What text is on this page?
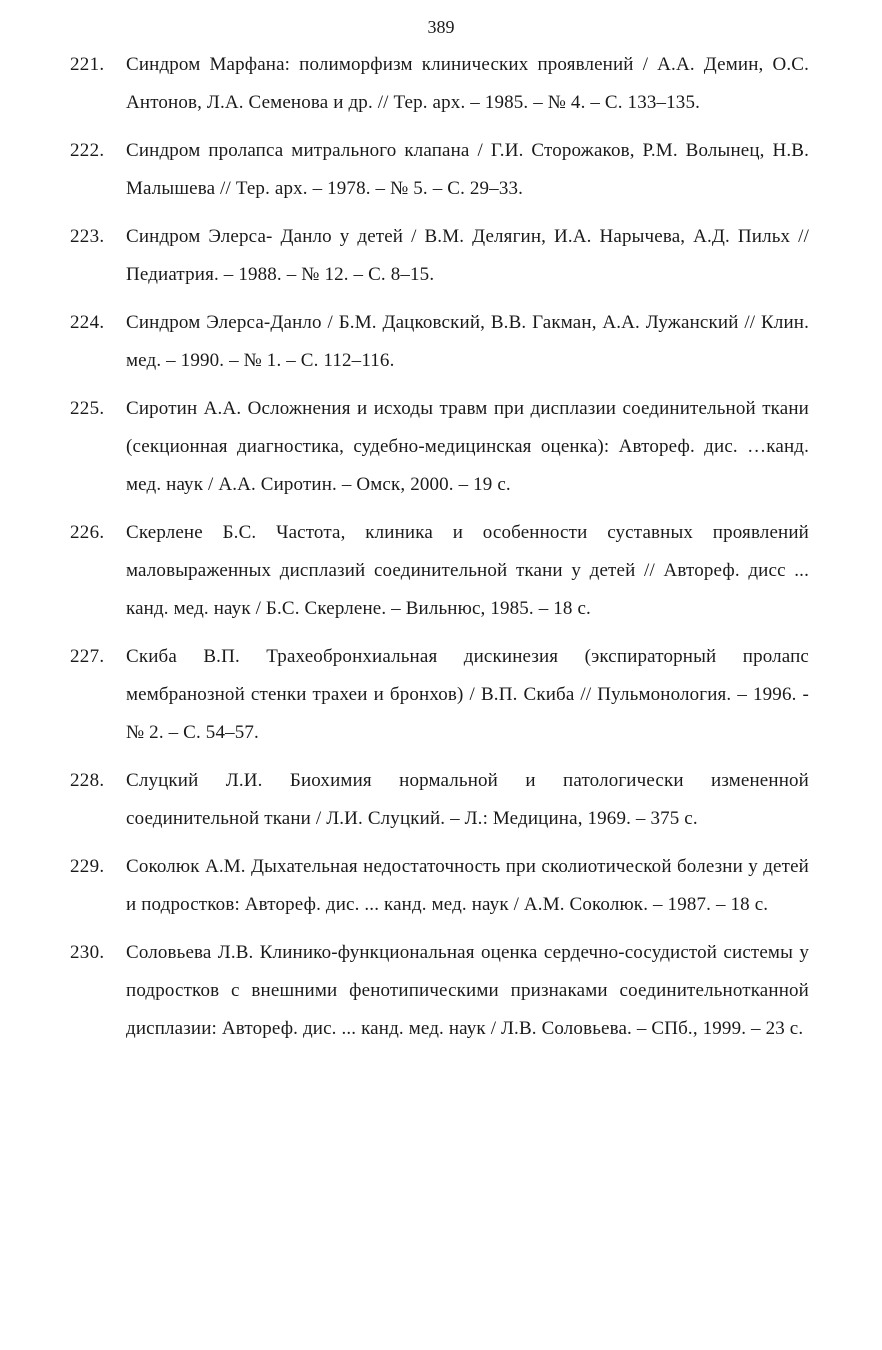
389
221. Синдром Марфана: полиморфизм клинических проявлений / А.А. Демин, О.С. Антонов, Л.А. Семенова и др. // Тер. арх. – 1985. – № 4. – С. 133–135.
222. Синдром пролапса митрального клапана / Г.И. Сторожаков, Р.М. Волынец, Н.В. Малышева // Тер. арх. – 1978. – № 5. – С. 29–33.
223. Синдром Элерса- Данло у детей / В.М. Делягин, И.А. Нарычева, А.Д. Пильх // Педиатрия. – 1988. – № 12. – С. 8–15.
224. Синдром Элерса-Данло / Б.М. Дацковский, В.В. Гакман, А.А. Лужанский // Клин. мед. – 1990. – № 1. – С. 112–116.
225. Сиротин А.А. Осложнения и исходы травм при дисплазии соединительной ткани (секционная диагностика, судебно-медицинская оценка): Автореф. дис. …канд. мед. наук / А.А. Сиротин. – Омск, 2000. – 19 с.
226. Скерлене Б.С. Частота, клиника и особенности суставных проявлений маловыраженных дисплазий соединительной ткани у детей // Автореф. дисс ... канд. мед. наук / Б.С. Скерлене. – Вильнюс, 1985. – 18 с.
227. Скиба В.П. Трахеобронхиальная дискинезия (экспираторный пролапс мембранозной стенки трахеи и бронхов) / В.П. Скиба // Пульмонология. – 1996. - № 2. – С. 54–57.
228. Слуцкий Л.И. Биохимия нормальной и патологически измененной соединительной ткани / Л.И. Слуцкий. – Л.: Медицина, 1969. – 375 с.
229. Соколюк А.М. Дыхательная недостаточность при сколиотической болезни у детей и подростков: Автореф. дис. ... канд. мед. наук / А.М. Соколюк. – 1987. – 18 с.
230. Соловьева Л.В. Клинико-функциональная оценка сердечно-сосудистой системы у подростков с внешними фенотипическими признаками соединительнотканной дисплазии: Автореф. дис. ... канд. мед. наук / Л.В. Соловьева. – СПб., 1999. – 23 с.
